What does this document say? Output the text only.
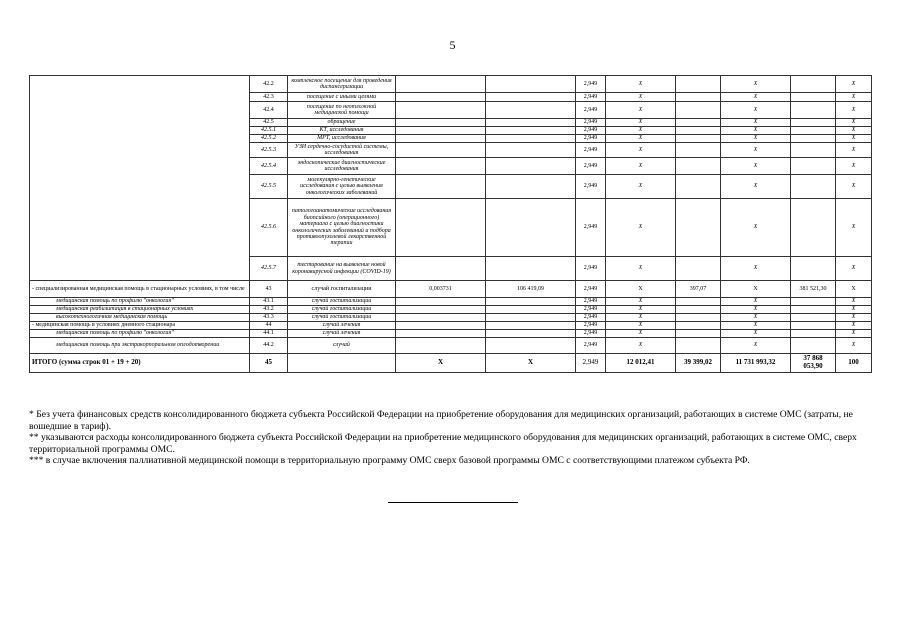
5
	42.2	комплексное посещение для проведения диспансеризации			2,949	Х		Х		Х
	42.3	посещение с иными целями			2,949	Х		Х		Х
	42.4	посещение по неотложной медицинской помощи			2,949	Х		Х		Х
	42.5	обращение			2,949	Х		Х		Х
	42.5.1	КТ, исследования			2,949	Х		Х		Х
	42.5.2	МРТ, исследования			2,949	Х		Х		Х
	42.5.3	УЗИ сердечно-сосудистой системы, исследования			2,949	Х		Х		Х
	42.5.4	эндоскопические диагностические исследования			2,949	Х		Х		Х
	42.5.5	молекулярно-генетические исследования с целью выявления онкологических заболеваний			2,949	Х		Х		Х
	42.5.6	патологоанатомические исследования биопсийного (операционного) материала с целью диагностики онкологических заболеваний и подбора противоопухолевой лекарственной терапии			2,949	Х		Х		Х
	42.5.7	тестирование на выявление новой коронавирусной инфекции (COVID-19)			2,949	Х		Х		Х
- специализированная медицинская помощь в стационарных условиях, в том числе	43	случай госпитализации	0,003731	106 419,09	2,949	Х	397,07	Х	381 521,30	Х
медицинская помощь по профилю "онкология"	43.1	случай госпитализации			2,949	Х		Х		Х
медицинская реабилитация в стационарных условиях	43.2	случай госпитализации			2,949	Х		Х		Х
высокотехнологичная медицинская помощь	43.3	случай госпитализации			2,949	Х		Х		Х
- медицинская помощь в условиях дневного стационара	44	случай лечения			2,949	Х		Х		Х
медицинская помощь по профилю "онкология"	44.1	случай лечения			2,949	Х		Х		Х
медицинская помощь при экстракорпоральном оплодотворении	44.2	случай			2,949	Х		Х		Х
ИТОГО (сумма строк 01 + 19 + 20)	45		Х	Х	2,949	12 012,41	39 399,02	11 731 993,32	37 868 053,90	100

* Без учета финансовых средств консолидированного бюджета субъекта Российской Федерации на приобретение оборудования для медицинских организаций, работающих в системе ОМС (затраты, не вошедшие в тариф).

** указываются расходы консолидированного бюджета субъекта Российской Федерации на приобретение медицинского оборудования для медицинских организаций, работающих в системе ОМС, сверх территориальной программы ОМС.

*** в случае включения паллиативной медицинской помощи в территориальную программу ОМС сверх базовой программы ОМС с соответствующими платежом субъекта РФ.
